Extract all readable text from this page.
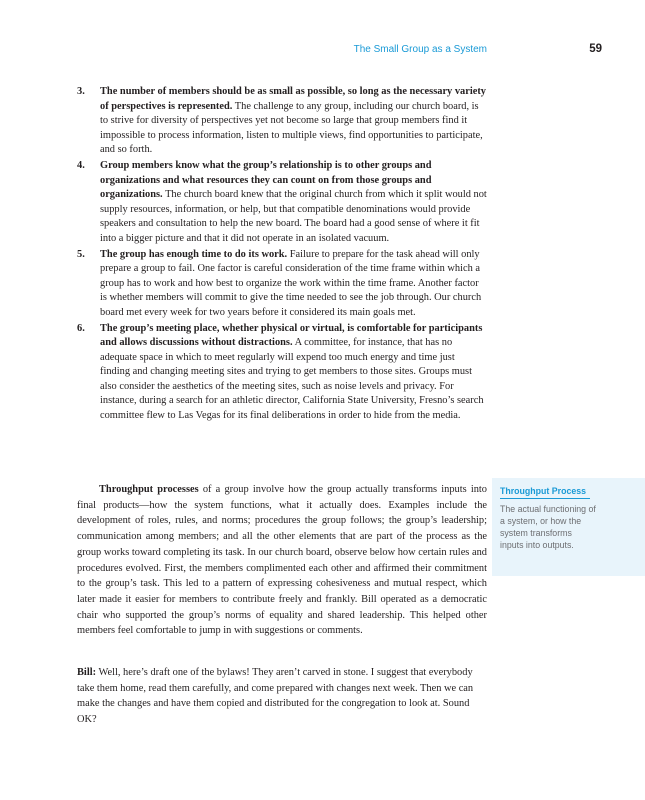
The Small Group as a System	59
3. The number of members should be as small as possible, so long as the necessary variety of perspectives is represented. The challenge to any group, including our church board, is to strive for diversity of perspectives yet not become so large that group members find it impossible to process information, listen to multiple views, find opportunities to participate, and so forth.
4. Group members know what the group’s relationship is to other groups and organizations and what resources they can count on from those groups and organizations. The church board knew that the original church from which it split would not supply resources, information, or help, but that compatible denominations would provide speakers and consultation to help the new board. The board had a good sense of where it fit into a bigger picture and that it did not operate in an isolated vacuum.
5. The group has enough time to do its work. Failure to prepare for the task ahead will only prepare a group to fail. One factor is careful consideration of the time frame within which a group has to work and how best to organize the work within the time frame. Another factor is whether members will commit to give the time needed to see the job through. Our church board met every week for two years before it considered its main goals met.
6. The group’s meeting place, whether physical or virtual, is comfortable for participants and allows discussions without distractions. A committee, for instance, that has no adequate space in which to meet regularly will expend too much energy and time just finding and changing meeting sites and trying to get members to those sites. Groups must also consider the aesthetics of the meeting sites, such as noise levels and privacy. For instance, during a search for an athletic director, California State University, Fresno’s search committee flew to Las Vegas for its final deliberations in order to hide from the media.

Throughput processes of a group involve how the group actually transforms inputs into final products—how the system functions, what it actually does. Examples include the development of roles, rules, and norms; procedures the group follows; the group’s leadership; communication among members; and all the other elements that are part of the process as the group works toward completing its task. In our church board, observe below how certain rules and procedures evolved. First, the members complimented each other and affirmed their commitment to the group’s task. This led to a pattern of expressing cohesiveness and mutual respect, which later made it easier for members to contribute freely and frankly. Bill operated as a democratic chair who supported the group’s norms of equality and shared leadership. This helped other members feel comfortable to jump in with suggestions or comments.

Bill: Well, here’s draft one of the bylaws! They aren’t carved in stone. I suggest that everybody take them home, read them carefully, and come prepared with changes next week. Then we can make the changes and have them copied and distributed for the congregation to look at. Sound OK?

Throughput Process
The actual functioning of a system, or how the system transforms inputs into outputs.
